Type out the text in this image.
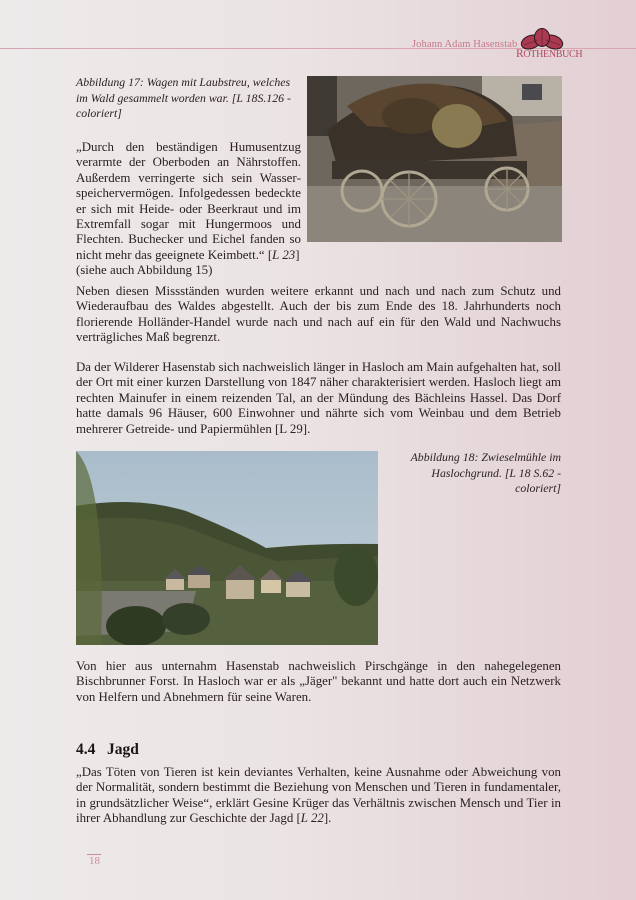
Johann Adam Hasenstab
ROTHENBUCH
Abbildung 17: Wagen mit Laubstreu, welches im Wald gesammelt worden war. [L 18S.126 -
coloriert]
„Durch den beständigen Humusentzug verarmte der Oberboden an Nährstoffen. Außerdem verringerte sich sein Wasserspeichervermögen. Infolgedessen bedeckte er sich mit Heide- oder Beerkraut und im Extremfall sogar mit Hungermoos und Flechten. Buchecker und Eichel fanden so nicht mehr das geeignete Keimbett.“ [L 23]
(siehe auch Abbildung 15)
Neben diesen Missständen wurden weitere erkannt und nach und nach zum Schutz und Wiederaufbau des Waldes abgestellt. Auch der bis zum Ende des 18. Jahrhunderts noch florierende Holländer-Handel wurde nach und nach auf ein für den Wald und Nachwuchs verträgliches Maß begrenzt.
Da der Wilderer Hasenstab sich nachweislich länger in Hasloch am Main aufgehalten hat, soll der Ort mit einer kurzen Darstellung von 1847 näher charakterisiert werden. Hasloch liegt am rechten Mainufer in einem reizenden Tal, an der Mündung des Bächleins Hassel. Das Dorf hatte damals 96 Häuser, 600 Einwohner und nährte sich vom Weinbau und dem Betrieb mehrerer Getreide- und Papiermühlen [L 29].
Abbildung 18: Zwieselmühle im Haslochgrund. [L 18 S.62 - coloriert]
Von hier aus unternahm Hasenstab nachweislich Pirschgänge in den nahegelegenen Bischbrunner Forst. In Hasloch war er als „Jäger" bekannt und hatte dort auch ein Netzwerk von Helfern und Abnehmern für seine Waren.
4.4 Jagd
„Das Töten von Tieren ist kein deviantes Verhalten, keine Ausnahme oder Abweichung von der Normalität, sondern bestimmt die Beziehung von Menschen und Tieren in fundamentaler, in grundsätzlicher Weise“, erklärt Gesine Krüger das Verhältnis zwischen Mensch und Tier in ihrer Abhandlung zur Geschichte der Jagd [L 22].
18
